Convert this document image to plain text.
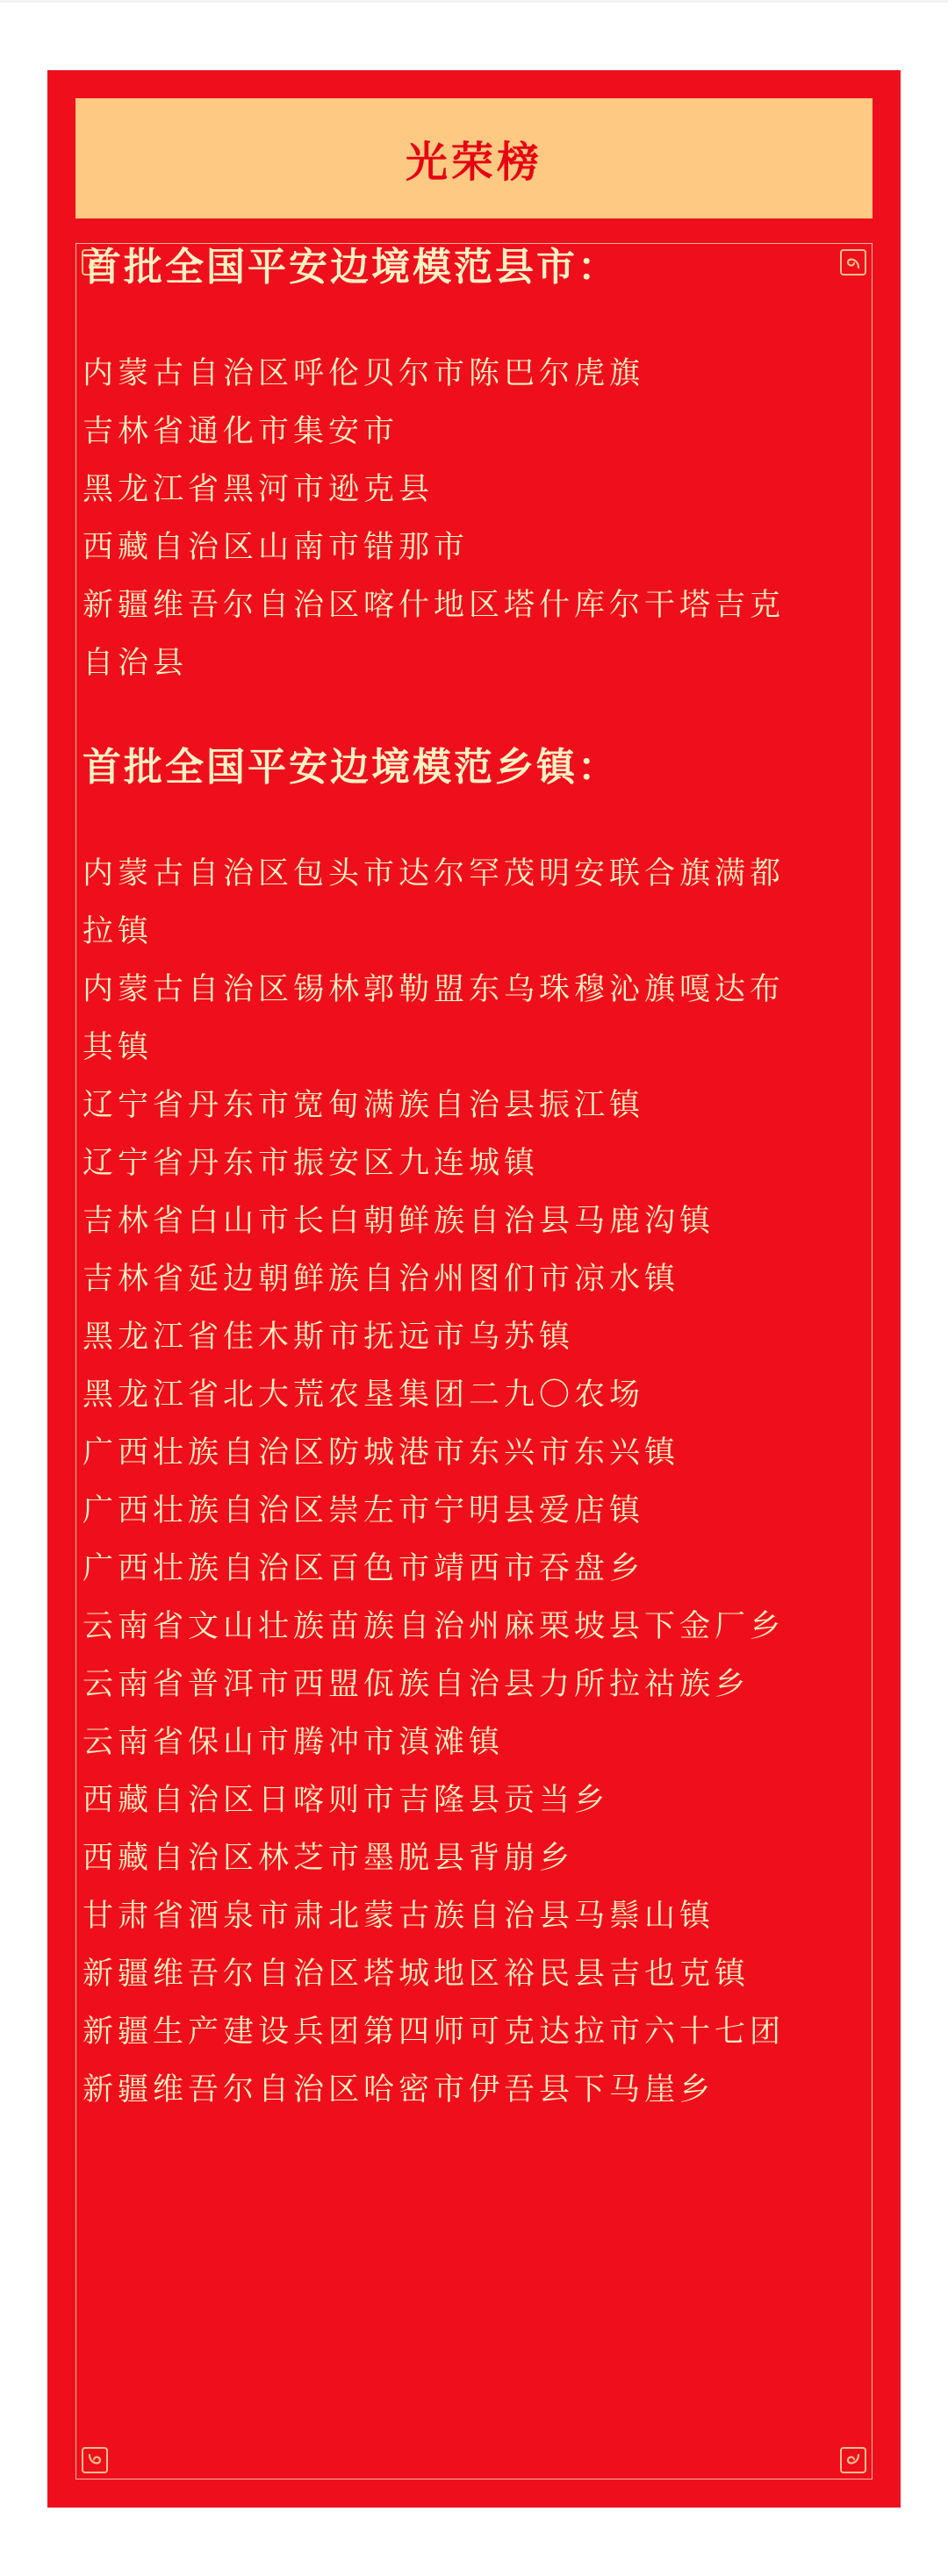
光荣榜
首批全国平安边境模范县市：
内蒙古自治区呼伦贝尔市陈巴尔虎旗
吉林省通化市集安市
黑龙江省黑河市逊克县
西藏自治区山南市错那市
新疆维吾尔自治区喀什地区塔什库尔干塔吉克自治县
首批全国平安边境模范乡镇：
内蒙古自治区包头市达尔罕茂明安联合旗满都拉镇
内蒙古自治区锡林郭勒盟东乌珠穆沁旗嘎达布其镇
辽宁省丹东市宽甸满族自治县振江镇
辽宁省丹东市振安区九连城镇
吉林省白山市长白朝鲜族自治县马鹿沟镇
吉林省延边朝鲜族自治州图们市凉水镇
黑龙江省佳木斯市抚远市乌苏镇
黑龙江省北大荒农垦集团二九〇农场
广西壮族自治区防城港市东兴市东兴镇
广西壮族自治区崇左市宁明县爱店镇
广西壮族自治区百色市靖西市吞盘乡
云南省文山壮族苗族自治州麻栗坡县下金厂乡
云南省普洱市西盟佤族自治县力所拉祜族乡
云南省保山市腾冲市滇滩镇
西藏自治区日喀则市吉隆县贡当乡
西藏自治区林芝市墨脱县背崩乡
甘肃省酒泉市肃北蒙古族自治县马鬃山镇
新疆维吾尔自治区塔城地区裕民县吉也克镇
新疆生产建设兵团第四师可克达拉市六十七团
新疆维吾尔自治区哈密市伊吾县下马崖乡
